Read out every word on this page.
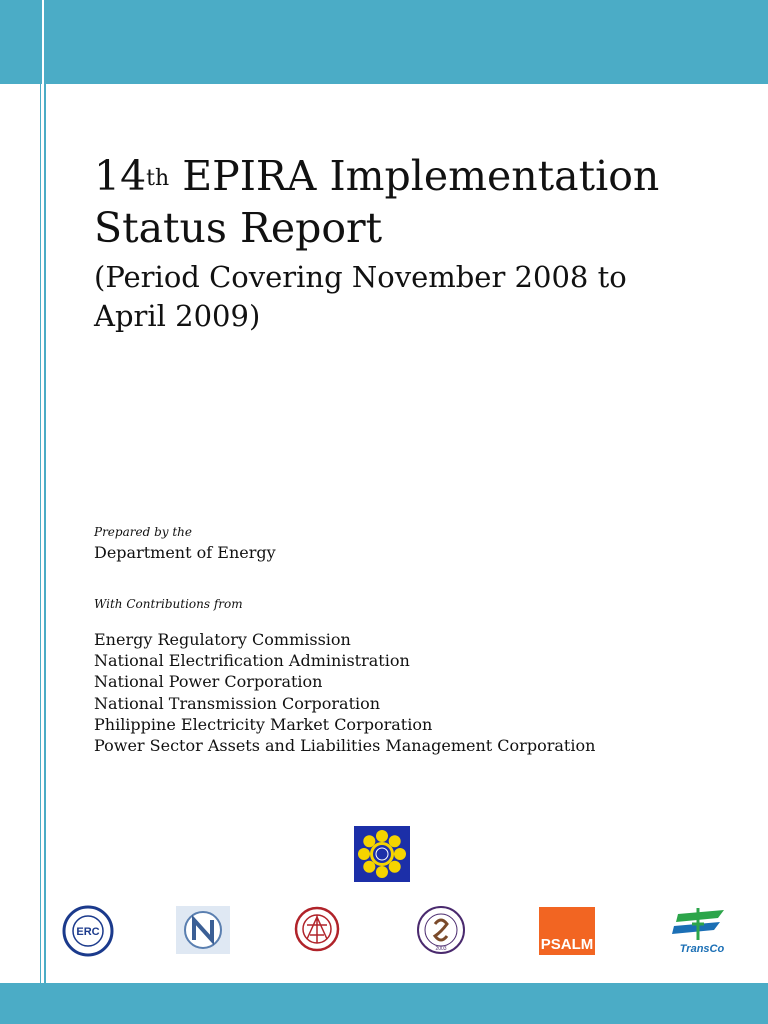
14th EPIRA Implementation Status Report
(Period Covering November 2008 to April 2009)
Prepared by the
Department of Energy
With Contributions from
Energy Regulatory Commission
National Electrification Administration
National Power Corporation
National Transmission Corporation
Philippine Electricity Market Corporation
Power Sector Assets and Liabilities Management Corporation
ERC
2003	PSALM	TransCo
